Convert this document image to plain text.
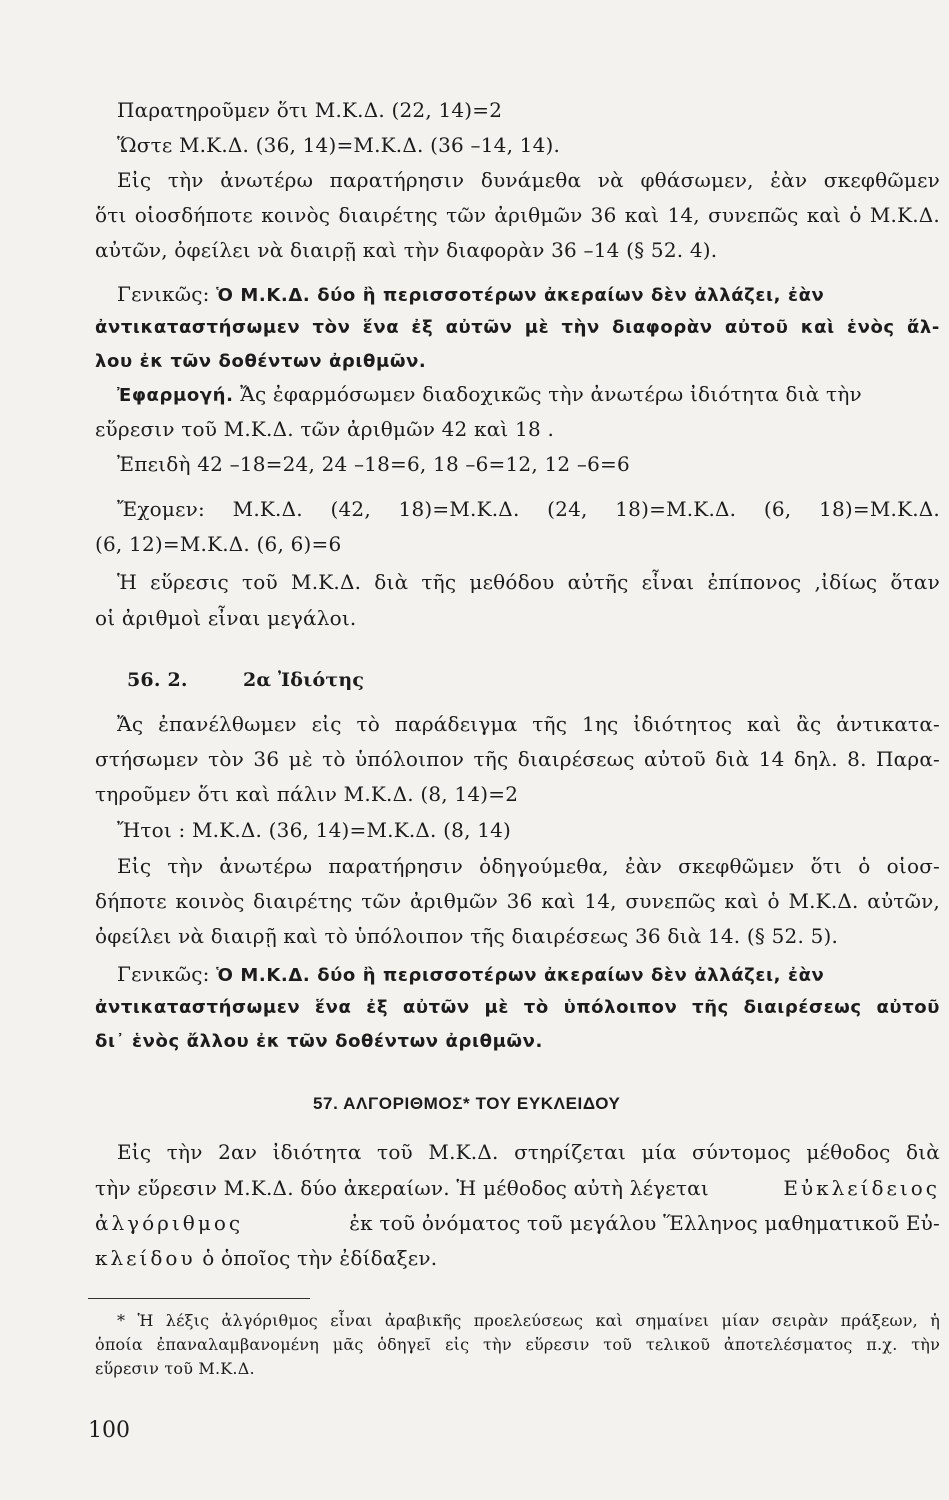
Παρατηροῦμεν ὅτι Μ.Κ.Δ. (22, 14)=2
Ὥστε Μ.Κ.Δ. (36, 14)=Μ.Κ.Δ. (36 –14, 14).
Εἰς τὴν ἀνωτέρω παρατήρησιν δυνάμεθα νὰ φθάσωμεν, ἐὰν σκεφθῶμεν
ὅτι οἱοσδήποτε κοινὸς διαιρέτης τῶν ἀριθμῶν 36 καὶ 14, συνεπῶς καὶ ὁ Μ.Κ.Δ.
αὐτῶν, ὀφείλει νὰ διαιρῇ καὶ τὴν διαφορὰν 36 –14 (§ 52. 4).
Γενικῶς: Ὁ Μ.Κ.Δ. δύο ἢ περισσοτέρων ἀκεραίων δὲν ἀλλάζει, ἐὰν
ἀντικαταστήσωμεν τὸν ἕνα ἐξ αὐτῶν μὲ τὴν διαφορὰν αὐτοῦ καὶ ἑνὸς ἄλ-
λου ἐκ τῶν δοθέντων ἀριθμῶν.
Ἐφαρμογή. Ἄς ἐφαρμόσωμεν διαδοχικῶς τὴν ἀνωτέρω ἰδιότητα διὰ τὴν
εὕρεσιν τοῦ Μ.Κ.Δ. τῶν ἀριθμῶν 42 καὶ 18 .
Ἐπειδὴ 42 –18=24, 24 –18=6, 18 –6=12, 12 –6=6
Ἔχομεν: Μ.Κ.Δ. (42, 18)=Μ.Κ.Δ. (24, 18)=Μ.Κ.Δ. (6, 18)=Μ.Κ.Δ.
(6, 12)=Μ.Κ.Δ. (6, 6)=6
Ἡ εὕρεσις τοῦ Μ.Κ.Δ. διὰ τῆς μεθόδου αὐτῆς εἶναι ἐπίπονος ,ἰδίως ὅταν
οἱ ἀριθμοὶ εἶναι μεγάλοι.
56. 2.	2α Ἰδιότης
Ἄς ἐπανέλθωμεν εἰς τὸ παράδειγμα τῆς 1ης ἰδιότητος καὶ ἂς ἀντικατα-
στήσωμεν τὸν 36 μὲ τὸ ὑπόλοιπον τῆς διαιρέσεως αὐτοῦ διὰ 14 δηλ. 8. Παρα-
τηροῦμεν ὅτι καὶ πάλιν Μ.Κ.Δ. (8, 14)=2
Ἤτοι : Μ.Κ.Δ. (36, 14)=Μ.Κ.Δ. (8, 14)
Εἰς τὴν ἀνωτέρω παρατήρησιν ὁδηγούμεθα, ἐὰν σκεφθῶμεν ὅτι ὁ οἱοσ-
δήποτε κοινὸς διαιρέτης τῶν ἀριθμῶν 36 καὶ 14, συνεπῶς καὶ ὁ Μ.Κ.Δ. αὐτῶν,
ὀφείλει νὰ διαιρῇ καὶ τὸ ὑπόλοιπον τῆς διαιρέσεως 36 διὰ 14. (§ 52. 5).
Γενικῶς: Ὁ Μ.Κ.Δ. δύο ἢ περισσοτέρων ἀκεραίων δὲν ἀλλάζει, ἐὰν
ἀντικαταστήσωμεν ἕνα ἐξ αὐτῶν μὲ τὸ ὑπόλοιπον τῆς διαιρέσεως αὐτοῦ
δι᾽ ἑνὸς ἄλλου ἐκ τῶν δοθέντων ἀριθμῶν.
57. ΑΛΓΟΡΙΘΜΟΣ* ΤΟΥ ΕΥΚΛΕΙΔΟΥ
Εἰς τὴν 2αν ἰδιότητα τοῦ Μ.Κ.Δ. στηρίζεται μία σύντομος μέθοδος διὰ
τὴν εὕρεσιν Μ.Κ.Δ. δύο ἀκεραίων. Ἡ μέθοδος αὐτὴ λέγεται	Εὐκλείδειος
ἀλγόριθμος	ἐκ τοῦ ὀνόματος τοῦ μεγάλου Ἕλληνος μαθηματικοῦ Εὐ-
κλείδου ὁ ὁποῖος τὴν ἐδίδαξεν.
* Ἡ λέξις ἀλγόριθμος εἶναι ἀραβικῆς προελεύσεως καὶ σημαίνει μίαν σειρὰν πράξεων, ἡ
ὁποία ἐπαναλαμβανομένη μᾶς ὁδηγεῖ εἰς τὴν εὕρεσιν τοῦ τελικοῦ ἀποτελέσματος π.χ. τὴν
εὕρεσιν τοῦ Μ.Κ.Δ.
100
